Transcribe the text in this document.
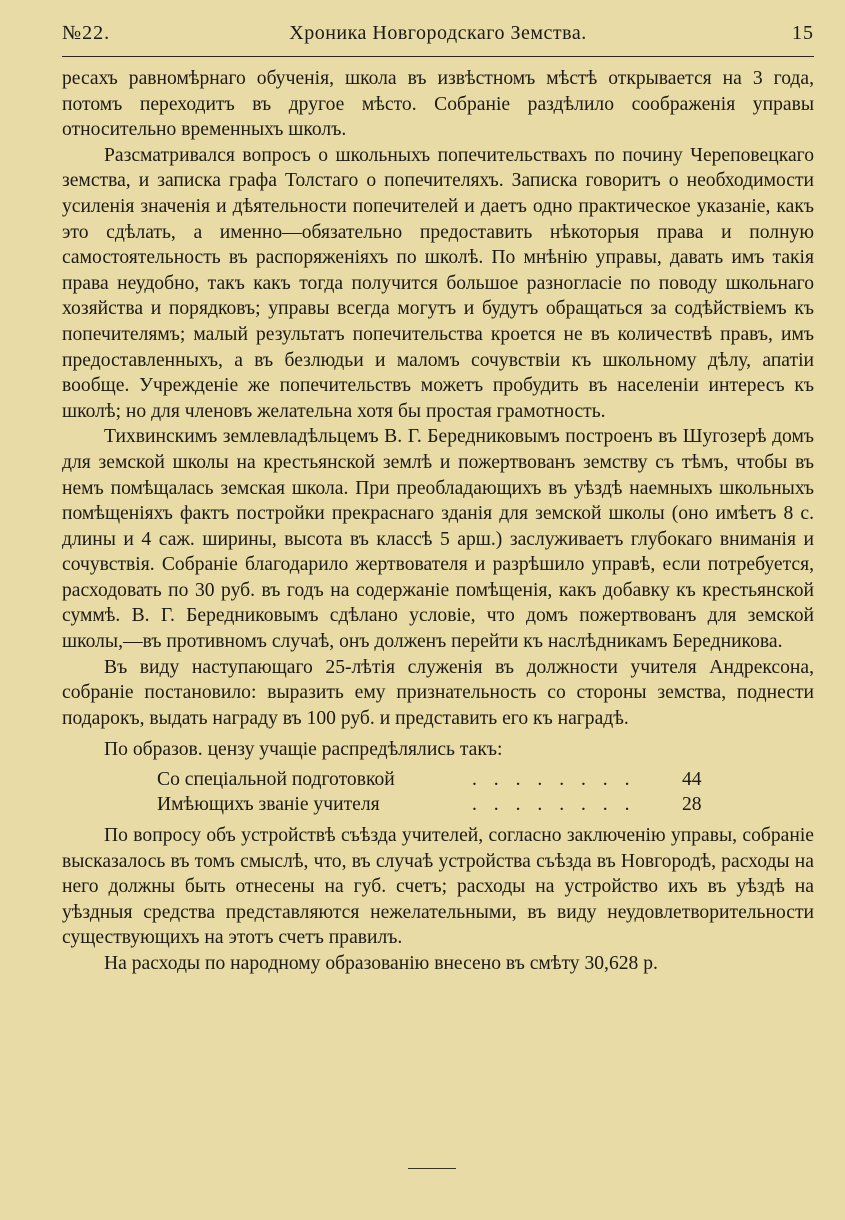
№22.	Хроника Новгородскаго Земства.	15

ресахъ равномѣрнаго обученія, школа въ извѣстномъ мѣстѣ открывается на 3 года, потомъ переходитъ въ другое мѣсто. Собраніе раздѣлило соображенія управы относительно временныхъ школъ.

Разсматривался вопросъ о школьныхъ попечительствахъ по почину Череповецкаго земства, и записка графа Толстаго о попечителяхъ. Записка говоритъ о необходимости усиленія значенія и дѣятельности попечителей и даетъ одно практическое указаніе, какъ это сдѣлать, а именно—обязательно предоставить нѣкоторыя права и полную самостоятельность въ распоряженіяхъ по школѣ. По мнѣнію управы, давать имъ такія права неудобно, такъ какъ тогда получится большое разногласіе по поводу школьнаго хозяйства и порядковъ; управы всегда могутъ и будутъ обращаться за содѣйствіемъ къ попечителямъ; малый результатъ попечительства кроется не въ количествѣ правъ, имъ предоставленныхъ, а въ безлюдьи и маломъ сочувствіи къ школьному дѣлу, апатіи вообще. Учрежденіе же попечительствъ можетъ пробудить въ населеніи интересъ къ школѣ; но для членовъ желательна хотя бы простая грамотность.

Тихвинскимъ землевладѣльцемъ В. Г. Бередниковымъ построенъ въ Шугозерѣ домъ для земской школы на крестьянской землѣ и пожертвованъ земству съ тѣмъ, чтобы въ немъ помѣщалась земская школа. При преобладающихъ въ уѣздѣ наемныхъ школьныхъ помѣщеніяхъ фактъ постройки прекраснаго зданія для земской школы (оно имѣетъ 8 с. длины и 4 саж. ширины, высота въ классѣ 5 арш.) заслуживаетъ глубокаго вниманія и сочувствія. Собраніе благодарило жертвователя и разрѣшило управѣ, если потребуется, расходовать по 30 руб. въ годъ на содержаніе помѣщенія, какъ добавку къ крестьянской суммѣ. В. Г. Бередниковымъ сдѣлано условіе, что домъ пожертвованъ для земской школы,—въ противномъ случаѣ, онъ долженъ перейти къ наслѣдникамъ Бередникова.

Въ виду наступающаго 25-лѣтія служенія въ должности учителя Андрексона, собраніе постановило: выразить ему признательность со стороны земства, поднести подарокъ, выдать награду въ 100 руб. и представить его къ наградѣ.

По образов. цензу учащіе распредѣлялись такъ:

Со спеціальной подготовкой	. . . . . . . . 44
Имѣющихъ званіе учителя	. . . . . . . . 28

По вопросу объ устройствѣ съѣзда учителей, согласно заключенію управы, собраніе высказалось въ томъ смыслѣ, что, въ случаѣ устройства съѣзда въ Новгородѣ, расходы на него должны быть отнесены на губ. счетъ; расходы на устройство ихъ въ уѣздѣ на уѣздныя средства представляются нежелательными, въ виду неудовлетворительности существующихъ на этотъ счетъ правилъ.

На расходы по народному образованію внесено въ смѣту 30,628 р.
